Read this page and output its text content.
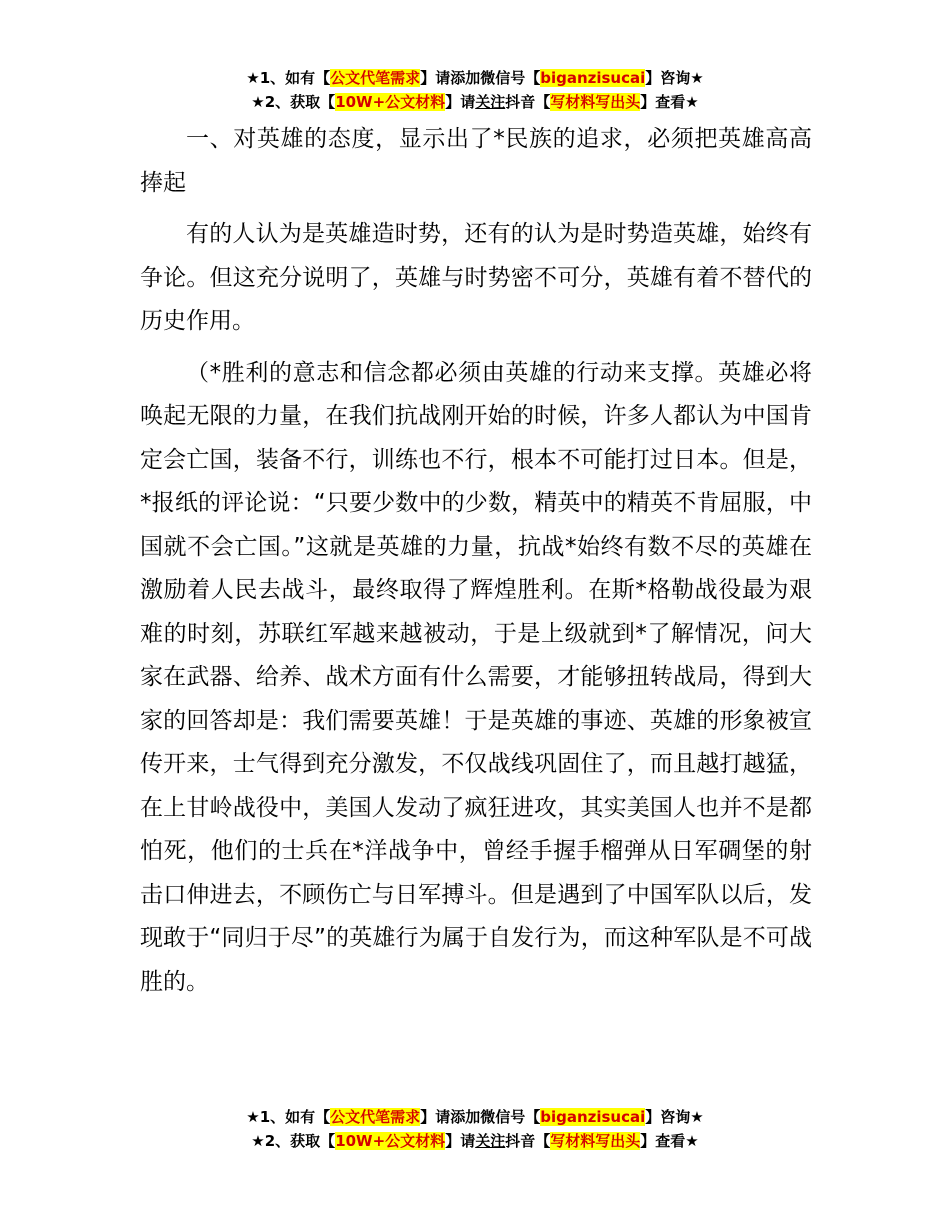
★1、如有【公文代笔需求】请添加微信号【biganzisucai】咨询★
★2、获取【10W+公文材料】请关注抖音【写材料写出头】查看★

一、对英雄的态度，显示出了*民族的追求，必须把英雄高高捧起

有的人认为是英雄造时势，还有的认为是时势造英雄，始终有争论。但这充分说明了，英雄与时势密不可分，英雄有着不替代的历史作用。

（*胜利的意志和信念都必须由英雄的行动来支撑。英雄必将唤起无限的力量，在我们抗战刚开始的时候，许多人都认为中国肯定会亡国，装备不行，训练也不行，根本不可能打过日本。但是，*报纸的评论说：“只要少数中的少数，精英中的精英不肯屈服，中国就不会亡国。”这就是英雄的力量，抗战*始终有数不尽的英雄在激励着人民去战斗，最终取得了辉煌胜利。在斯*格勒战役最为艰难的时刻，苏联红军越来越被动，于是上级就到*了解情况，问大家在武器、给养、战术方面有什么需要，才能够扭转战局，得到大家的回答却是：我们需要英雄！于是英雄的事迹、英雄的形象被宣传开来，士气得到充分激发，不仅战线巩固住了，而且越打越猛，在上甘岭战役中，美国人发动了疯狂进攻，其实美国人也并不是都怕死，他们的士兵在*洋战争中，曾经手握手榴弹从日军碉堡的射击口伸进去，不顾伤亡与日军搏斗。但是遇到了中国军队以后，发现敢于“同归于尽”的英雄行为属于自发行为，而这种军队是不可战胜的。

★1、如有【公文代笔需求】请添加微信号【biganzisucai】咨询★
★2、获取【10W+公文材料】请关注抖音【写材料写出头】查看★
